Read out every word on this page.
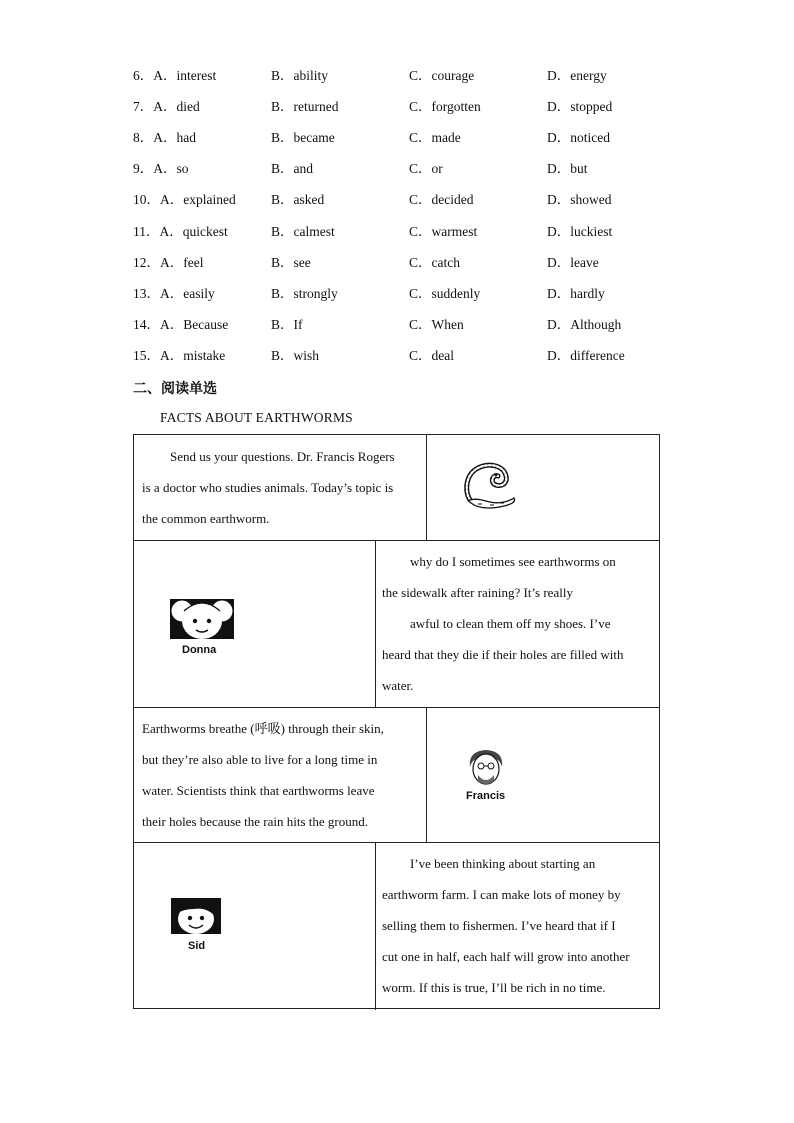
6．A．interest	B．ability	C．courage	D．energy
7．A．died	B．returned	C．forgotten	D．stopped
8．A．had	B．became	C．made	D．noticed
9．A．so	B．and	C．or	D．but
10．A．explained	B．asked	C．decided	D．showed
11．A．quickest	B．calmest	C．warmest	D．luckiest
12．A．feel	B．see	C．catch	D．leave
13．A．easily	B．strongly	C．suddenly	D．hardly
14．A．Because	B．If	C．When	D．Although
15．A．mistake	B．wish	C．deal	D．difference
二、阅读单选
FACTS ABOUT EARTHWORMS
Send us your questions. Dr. Francis Rogers
is a doctor who studies animals. Today’s topic is
the common earthworm.
Donna
why do I sometimes see earthworms on
the sidewalk after raining? It’s really
awful to clean them off my shoes. I’ve
heard that they die if their holes are filled with
water.
Earthworms breathe (呼吸) through their skin,
but they’re also able to live for a long time in
water. Scientists think that earthworms leave
their holes because the rain hits the ground.
Francis
Sid
I’ve been thinking about starting an
earthworm farm. I can make lots of money by
selling them to fishermen. I’ve heard that if I
cut one in half, each half will grow into another
worm. If this is true, I’ll be rich in no time.
